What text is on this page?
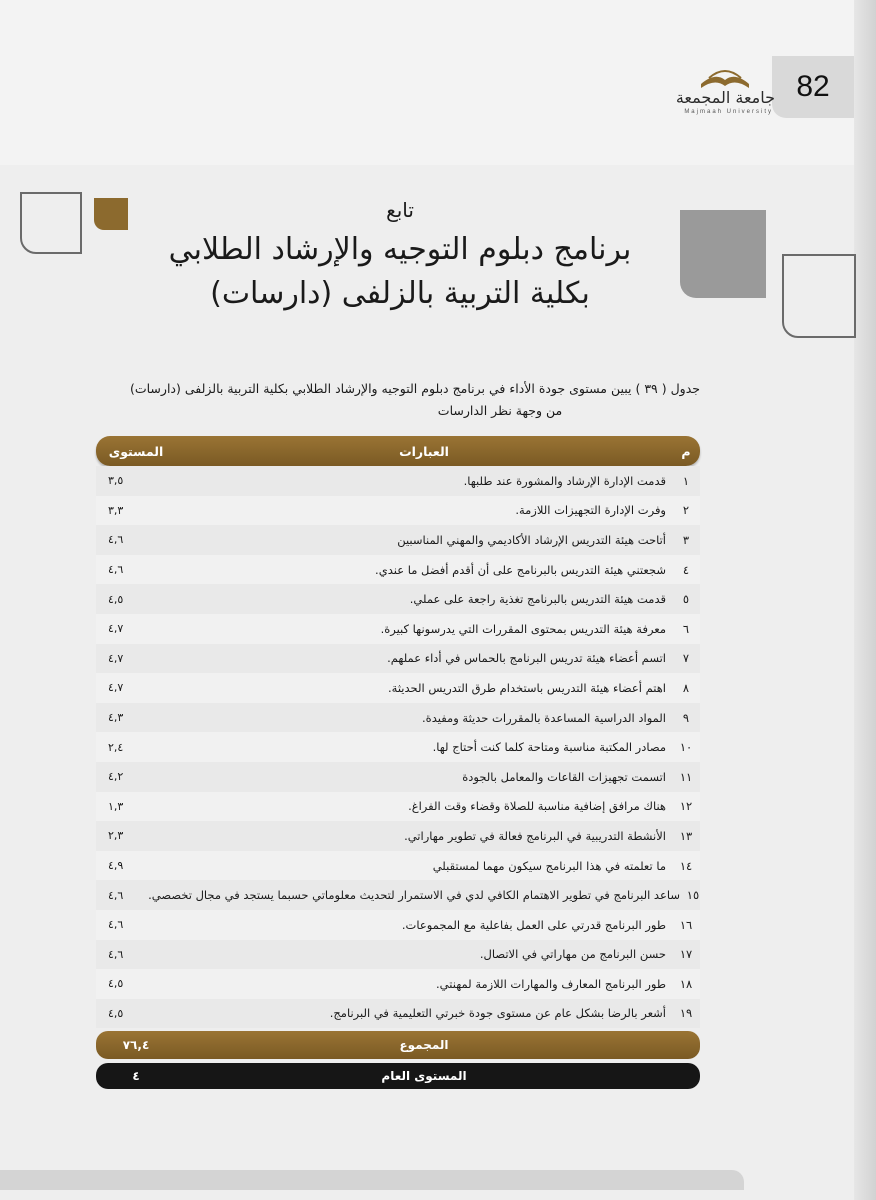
82
جامعة المجمعة
Majmaah University
تابع
برنامج دبلوم التوجيه والإرشاد الطلابي
بكلية التربية بالزلفى (دارسات)
جدول ( ٣٩ ) يبين مستوى جودة الأداء في برنامج دبلوم التوجيه والإرشاد الطلابي بكلية التربية بالزلفى (دارسات)
من وجهة نظر الدارسات
م
العبارات
المستوى
١
قدمت الإدارة الإرشاد والمشورة عند طلبها.
٣,٥
٢
وفرت الإدارة التجهيزات اللازمة.
٣,٣
٣
أتاحت هيئة التدريس الإرشاد الأكاديمي والمهني المناسبين
٤,٦
٤
شجعتني هيئة التدريس بالبرنامج على أن أقدم أفضل ما عندي.
٤,٦
٥
قدمت هيئة التدريس بالبرنامج تغذية راجعة على عملي.
٤,٥
٦
معرفة هيئة التدريس بمحتوى المقررات التي يدرسونها كبيرة.
٤,٧
٧
اتسم أعضاء هيئة تدريس البرنامج بالحماس في أداء عملهم.
٤,٧
٨
اهتم أعضاء هيئة التدريس باستخدام طرق التدريس الحديثة.
٤,٧
٩
المواد الدراسية المساعدة بالمقررات حديثة ومفيدة.
٤,٣
١٠
مصادر المكتبة مناسبة ومتاحة كلما كنت أحتاج لها.
٢,٤
١١
اتسمت تجهيزات القاعات والمعامل بالجودة
٤,٢
١٢
هناك مرافق إضافية مناسبة للصلاة وقضاء وقت الفراغ.
١,٣
١٣
الأنشطة التدريبية في البرنامج فعالة في تطوير مهاراتي.
٢,٣
١٤
ما تعلمته في هذا البرنامج سيكون مهما لمستقبلي
٤,٩
١٥
ساعد البرنامج في تطوير الاهتمام الكافي لدي في الاستمرار لتحديث معلوماتي حسبما يستجد في مجال تخصصي.
٤,٦
١٦
طور البرنامج قدرتي على العمل بفاعلية مع المجموعات.
٤,٦
١٧
حسن البرنامج من مهاراتي في الاتصال.
٤,٦
١٨
طور البرنامج المعارف والمهارات اللازمة لمهنتي.
٤,٥
١٩
أشعر بالرضا بشكل عام عن مستوى جودة خبرتي التعليمية في البرنامج.
٤,٥
المجموع
٧٦,٤
المستوى العام
٤
